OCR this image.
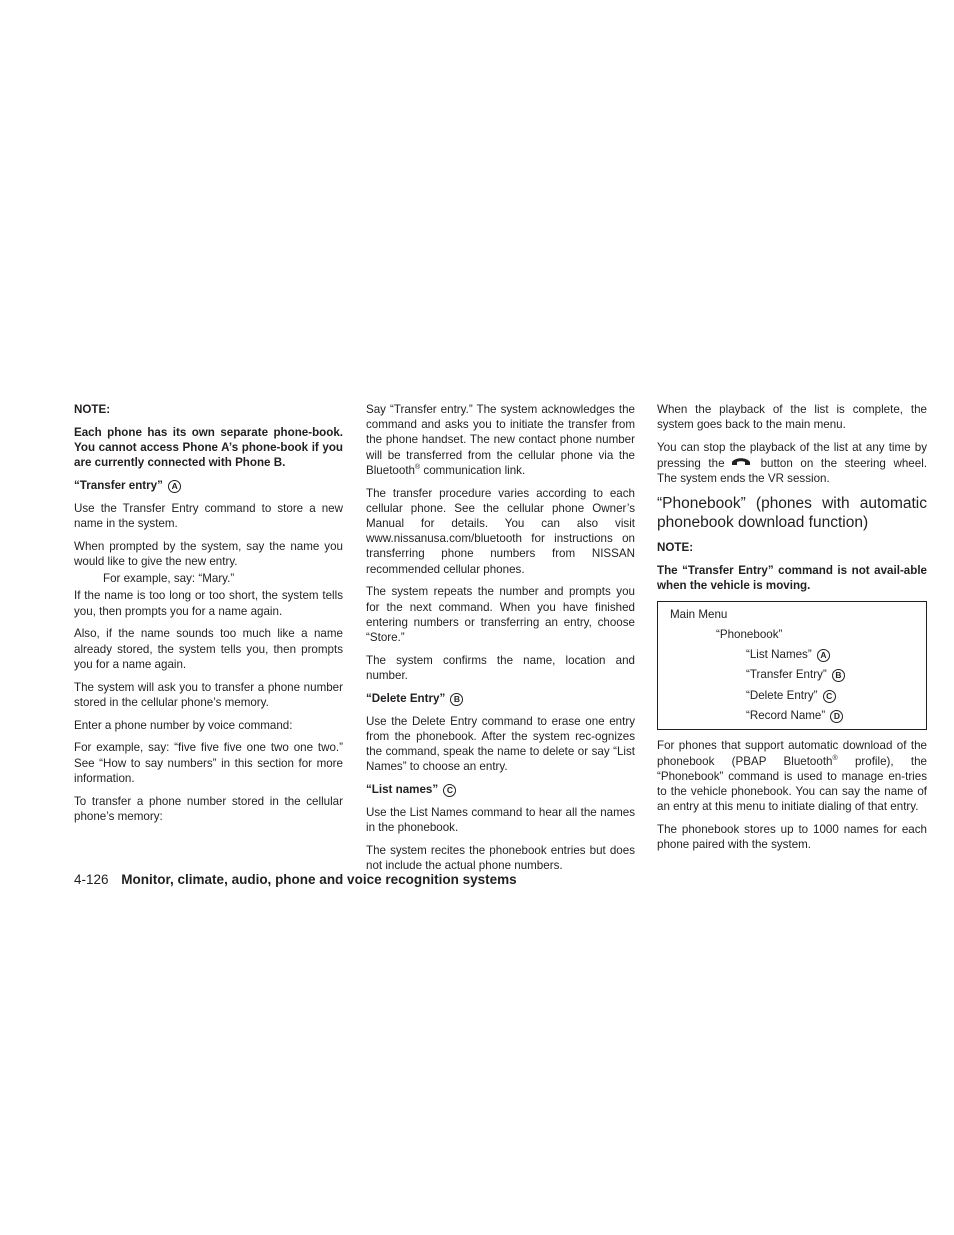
NOTE:

Each phone has its own separate phone-book. You cannot access Phone A’s phone-book if you are currently connected with Phone B.

“Transfer entry” A

Use the Transfer Entry command to store a new name in the system.

When prompted by the system, say the name you would like to give the new entry.

For example, say: “Mary.”

If the name is too long or too short, the system tells you, then prompts you for a name again.

Also, if the name sounds too much like a name already stored, the system tells you, then prompts you for a name again.

The system will ask you to transfer a phone number stored in the cellular phone’s memory.

Enter a phone number by voice command:

For example, say: “five five five one two one two.” See “How to say numbers” in this section for more information.

To transfer a phone number stored in the cellular phone’s memory:

Say “Transfer entry.” The system acknowledges the command and asks you to initiate the transfer from the phone handset. The new contact phone number will be transferred from the cellular phone via the Bluetooth® communication link.

The transfer procedure varies according to each cellular phone. See the cellular phone Owner’s Manual for details. You can also visit www.nissanusa.com/bluetooth for instructions on transferring phone numbers from NISSAN recommended cellular phones.

The system repeats the number and prompts you for the next command. When you have finished entering numbers or transferring an entry, choose “Store.”

The system confirms the name, location and number.

“Delete Entry” B

Use the Delete Entry command to erase one entry from the phonebook. After the system rec-ognizes the command, speak the name to delete or say “List Names” to choose an entry.

“List names” C

Use the List Names command to hear all the names in the phonebook.

The system recites the phonebook entries but does not include the actual phone numbers.

When the playback of the list is complete, the system goes back to the main menu.

You can stop the playback of the list at any time by pressing the	button on the steering wheel. The system ends the VR session.

“Phonebook” (phones with automatic phonebook download function)

NOTE:

The “Transfer Entry” command is not avail-able when the vehicle is moving.

Main Menu
“Phonebook”
“List Names” A
“Transfer Entry” B
“Delete Entry” C
“Record Name” D

For phones that support automatic download of the phonebook (PBAP Bluetooth® profile), the “Phonebook” command is used to manage en-tries to the vehicle phonebook. You can say the name of an entry at this menu to initiate dialing of that entry.

The phonebook stores up to 1000 names for each phone paired with the system.

4-126 Monitor, climate, audio, phone and voice recognition systems
